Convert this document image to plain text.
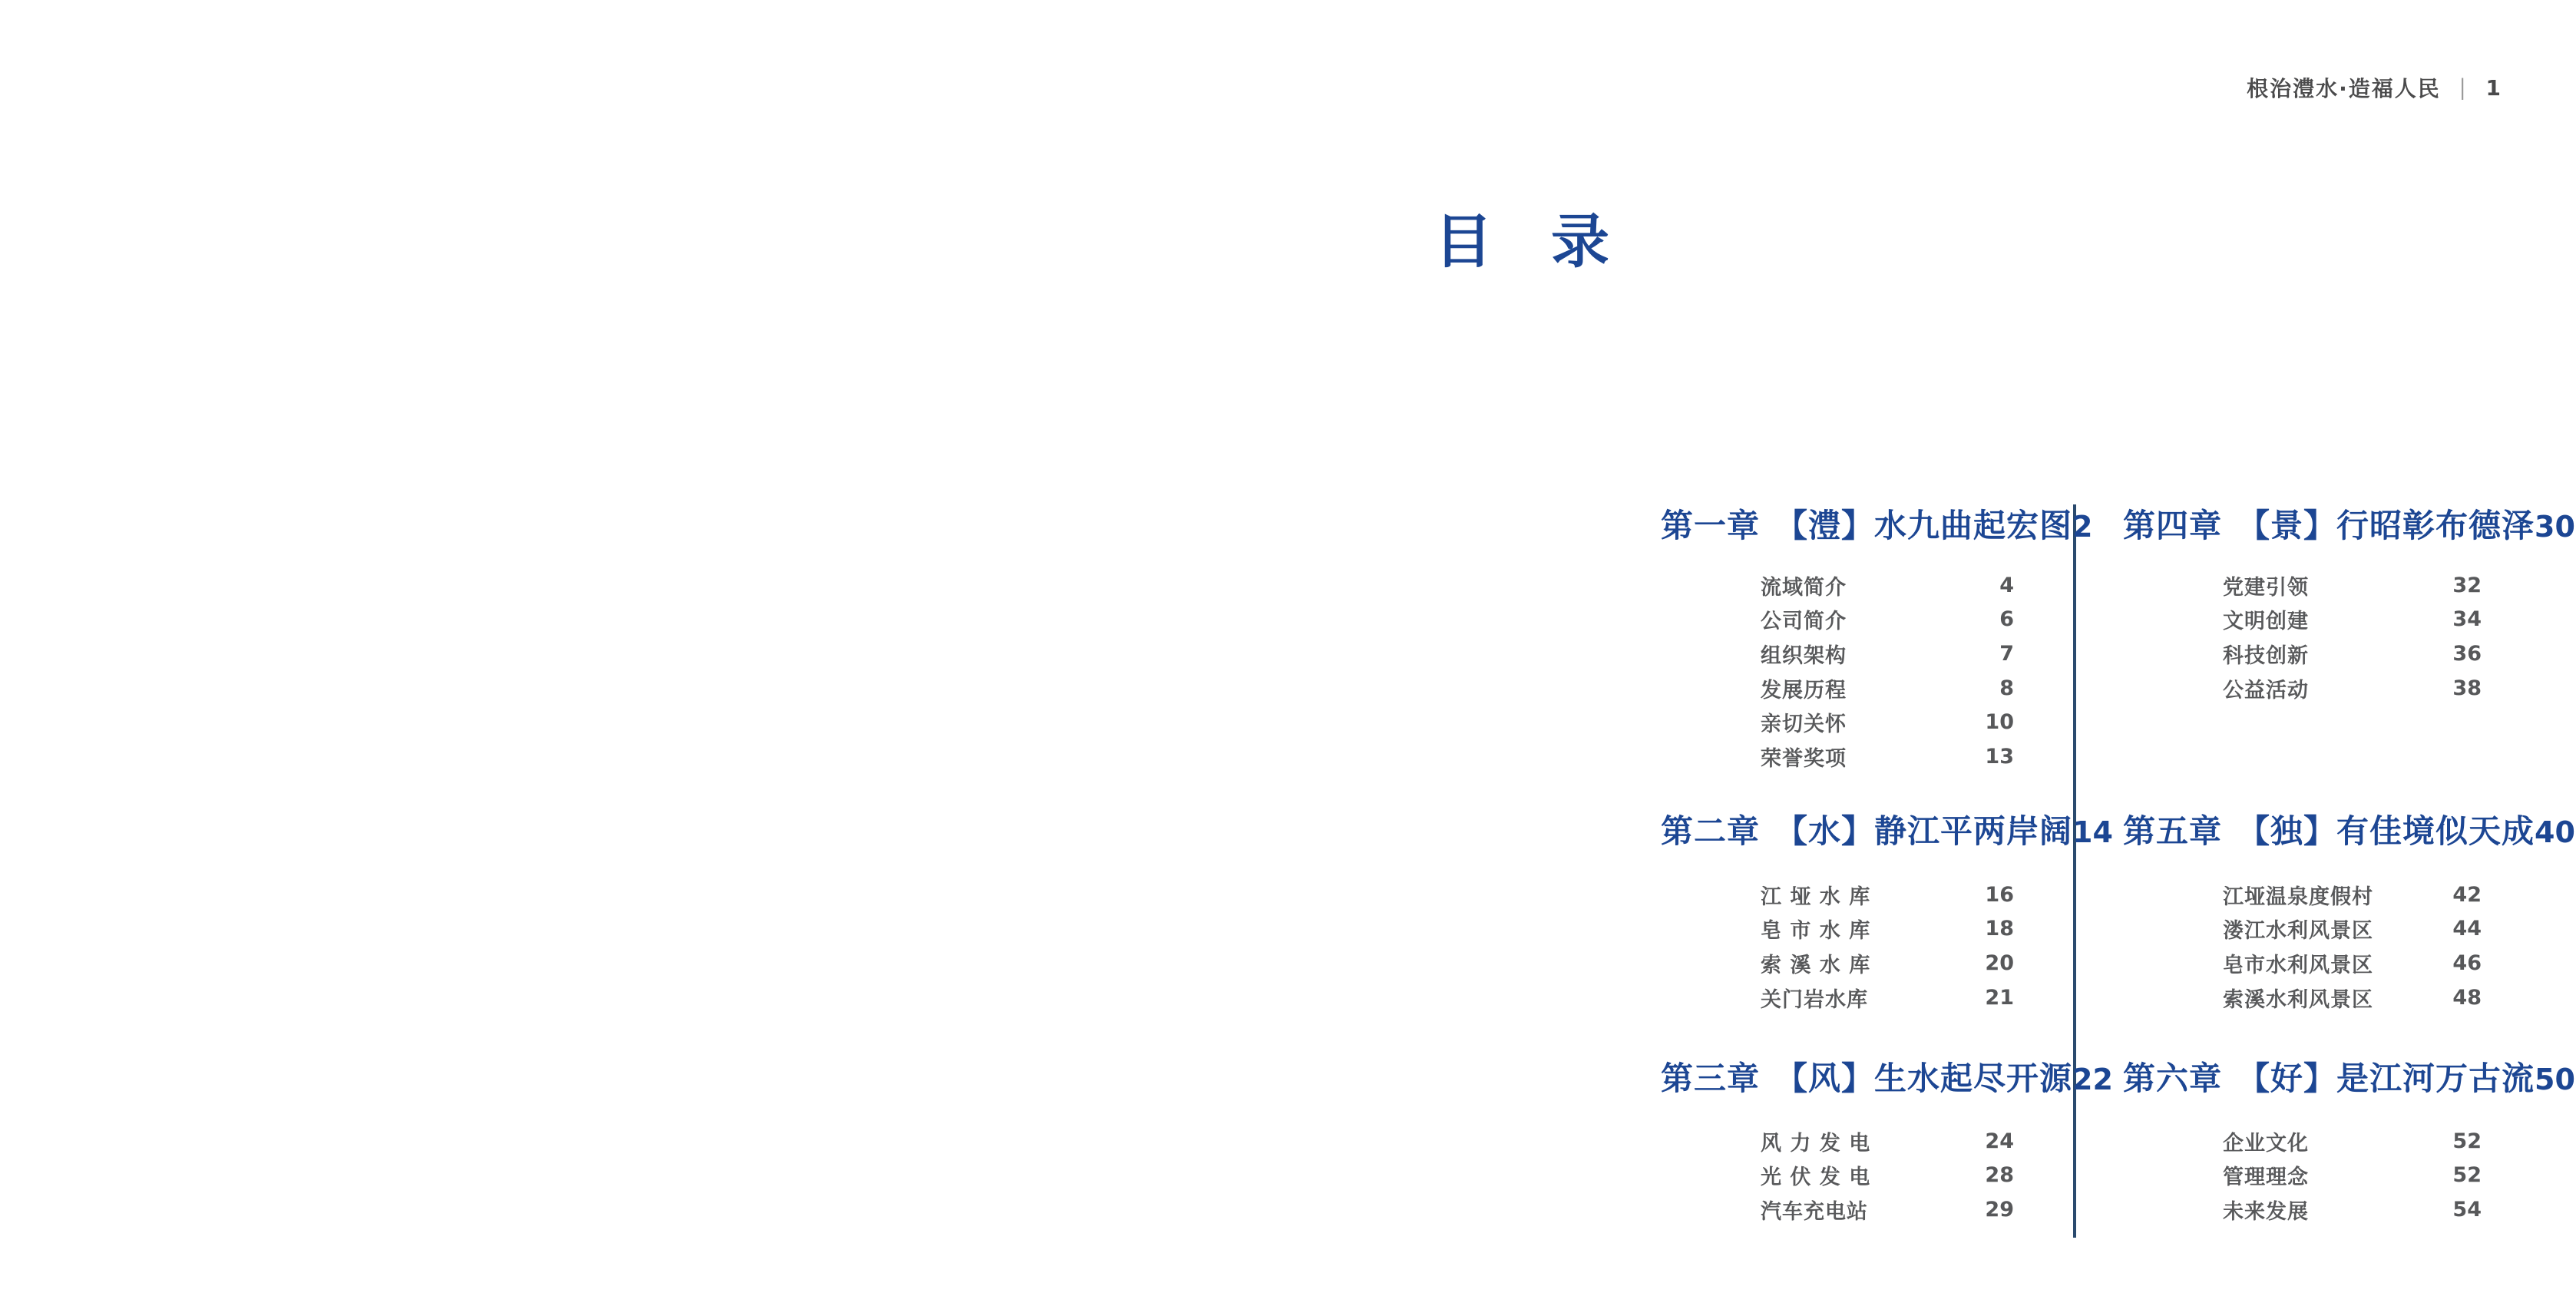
根治澧水·造福人民 | 1
目　录
第一章 【澧】水九曲起宏图 2
流域简介	4
公司简介	6
组织架构	7
发展历程	8
亲切关怀	10
荣誉奖项	13
第二章 【水】静江平两岸阔 14
江 垭 水 库	16
皂 市 水 库	18
索 溪 水 库	20
关门岩水库	21
第三章 【风】生水起尽开源 22
风 力 发 电	24
光 伏 发 电	28
汽车充电站	29
第四章 【景】行昭彰布德泽 30
党建引领	32
文明创建	34
科技创新	36
公益活动	38
第五章 【独】有佳境似天成 40
江垭温泉度假村	42
溇江水利风景区	44
皂市水利风景区	46
索溪水利风景区	48
第六章 【好】是江河万古流 50
企业文化	52
管理理念	52
未来发展	54
